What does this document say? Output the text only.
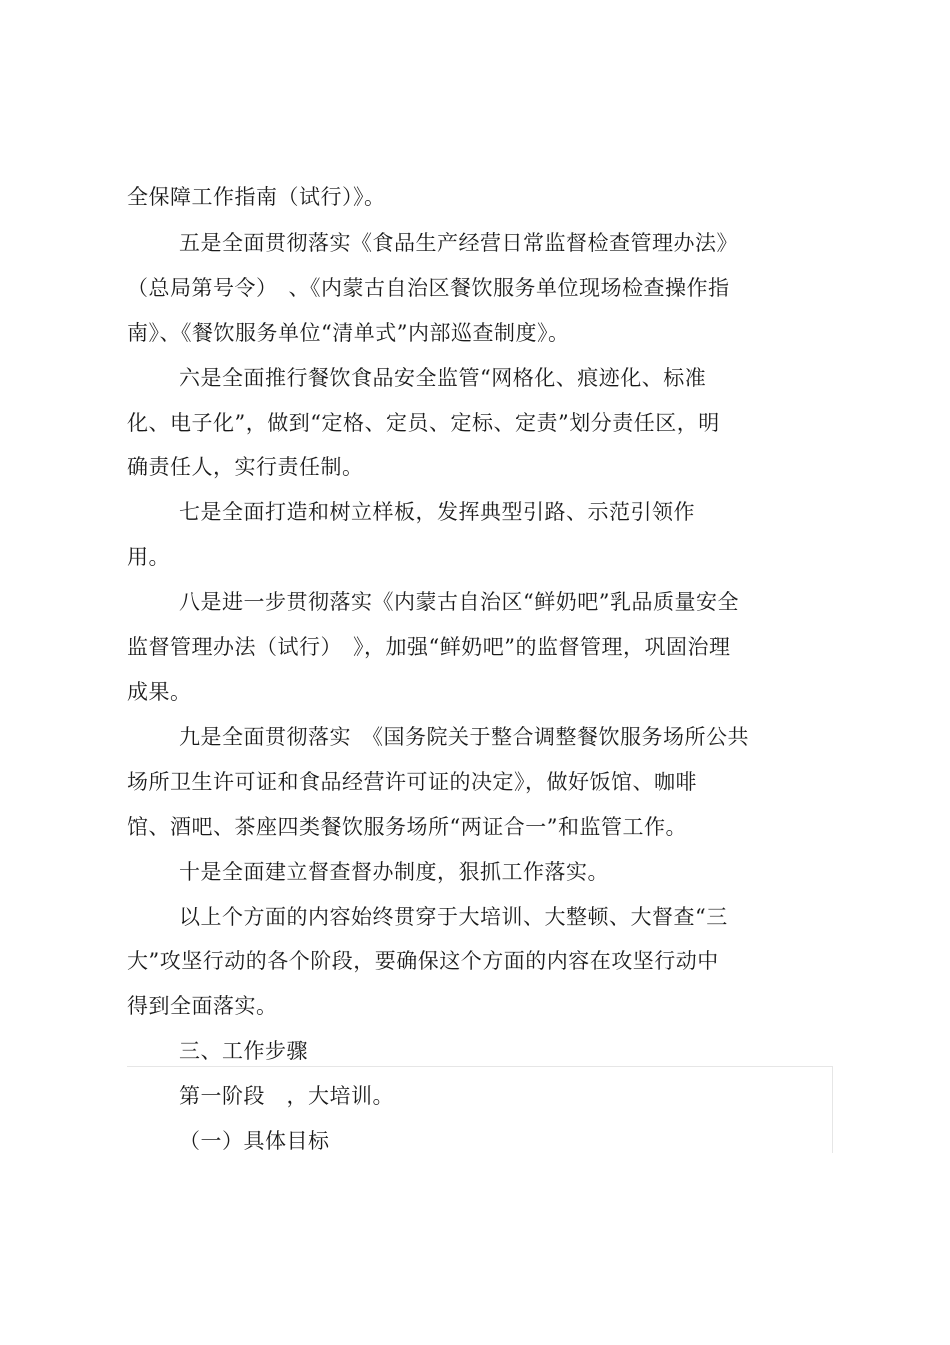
全保障工作指南（试行）》。
五是全面贯彻落实《食品生产经营日常监督检查管理办法》
（总局第号令）　、《内蒙古自治区餐饮服务单位现场检查操作指
南》、《餐饮服务单位“清单式”内部巡查制度》。
六是全面推行餐饮食品安全监管“网格化、痕迹化、标准
化、电子化”，做到“定格、定员、定标、定责”划分责任区，明
确责任人，实行责任制。
七是全面打造和树立样板，发挥典型引路、示范引领作
用。
八是进一步贯彻落实《内蒙古自治区“鲜奶吧”乳品质量安全
监督管理办法（试行）　》，加强“鲜奶吧”的监督管理，巩固治理
成果。
九是全面贯彻落实　《国务院关于整合调整餐饮服务场所公共
场所卫生许可证和食品经营许可证的决定》，做好饭馆、咖啡
馆、酒吧、茶座四类餐饮服务场所“两证合一”和监管工作。
十是全面建立督查督办制度，狠抓工作落实。
以上个方面的内容始终贯穿于大培训、大整顿、大督查“三
大”攻坚行动的各个阶段，要确保这个方面的内容在攻坚行动中
得到全面落实。
三、工作步骤
第一阶段　，大培训。
（一）具体目标
